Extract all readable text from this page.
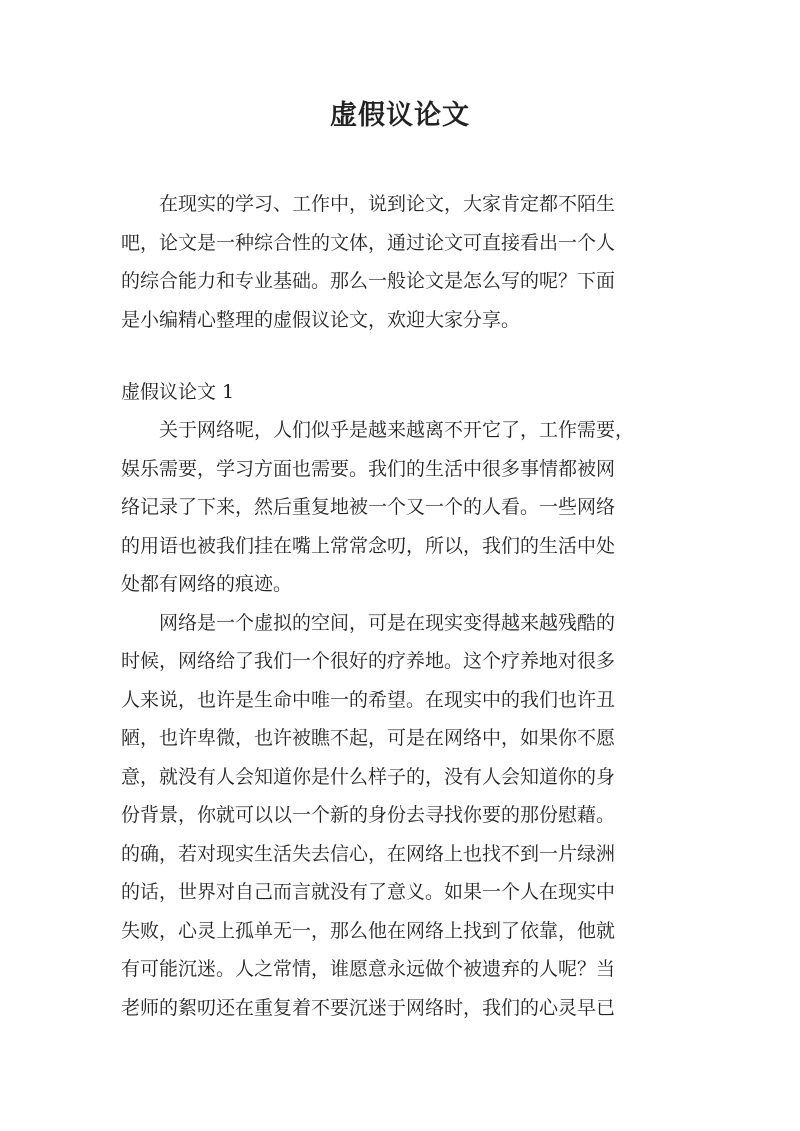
虚假议论文

在现实的学习、工作中，说到论文，大家肯定都不陌生
吧，论文是一种综合性的文体，通过论文可直接看出一个人
的综合能力和专业基础。那么一般论文是怎么写的呢？下面
是小编精心整理的虚假议论文，欢迎大家分享。

虚假议论文 1

关于网络呢，人们似乎是越来越离不开它了，工作需要，
娱乐需要，学习方面也需要。我们的生活中很多事情都被网
络记录了下来，然后重复地被一个又一个的人看。一些网络
的用语也被我们挂在嘴上常常念叨，所以，我们的生活中处
处都有网络的痕迹。

网络是一个虚拟的空间，可是在现实变得越来越残酷的
时候，网络给了我们一个很好的疗养地。这个疗养地对很多
人来说，也许是生命中唯一的希望。在现实中的我们也许丑
陋，也许卑微，也许被瞧不起，可是在网络中，如果你不愿
意，就没有人会知道你是什么样子的，没有人会知道你的身
份背景，你就可以以一个新的身份去寻找你要的那份慰藉。
的确，若对现实生活失去信心，在网络上也找不到一片绿洲
的话，世界对自己而言就没有了意义。如果一个人在现实中
失败，心灵上孤单无一，那么他在网络上找到了依靠，他就
有可能沉迷。人之常情，谁愿意永远做个被遗弃的人呢？当
老师的絮叨还在重复着不要沉迷于网络时，我们的心灵早已
